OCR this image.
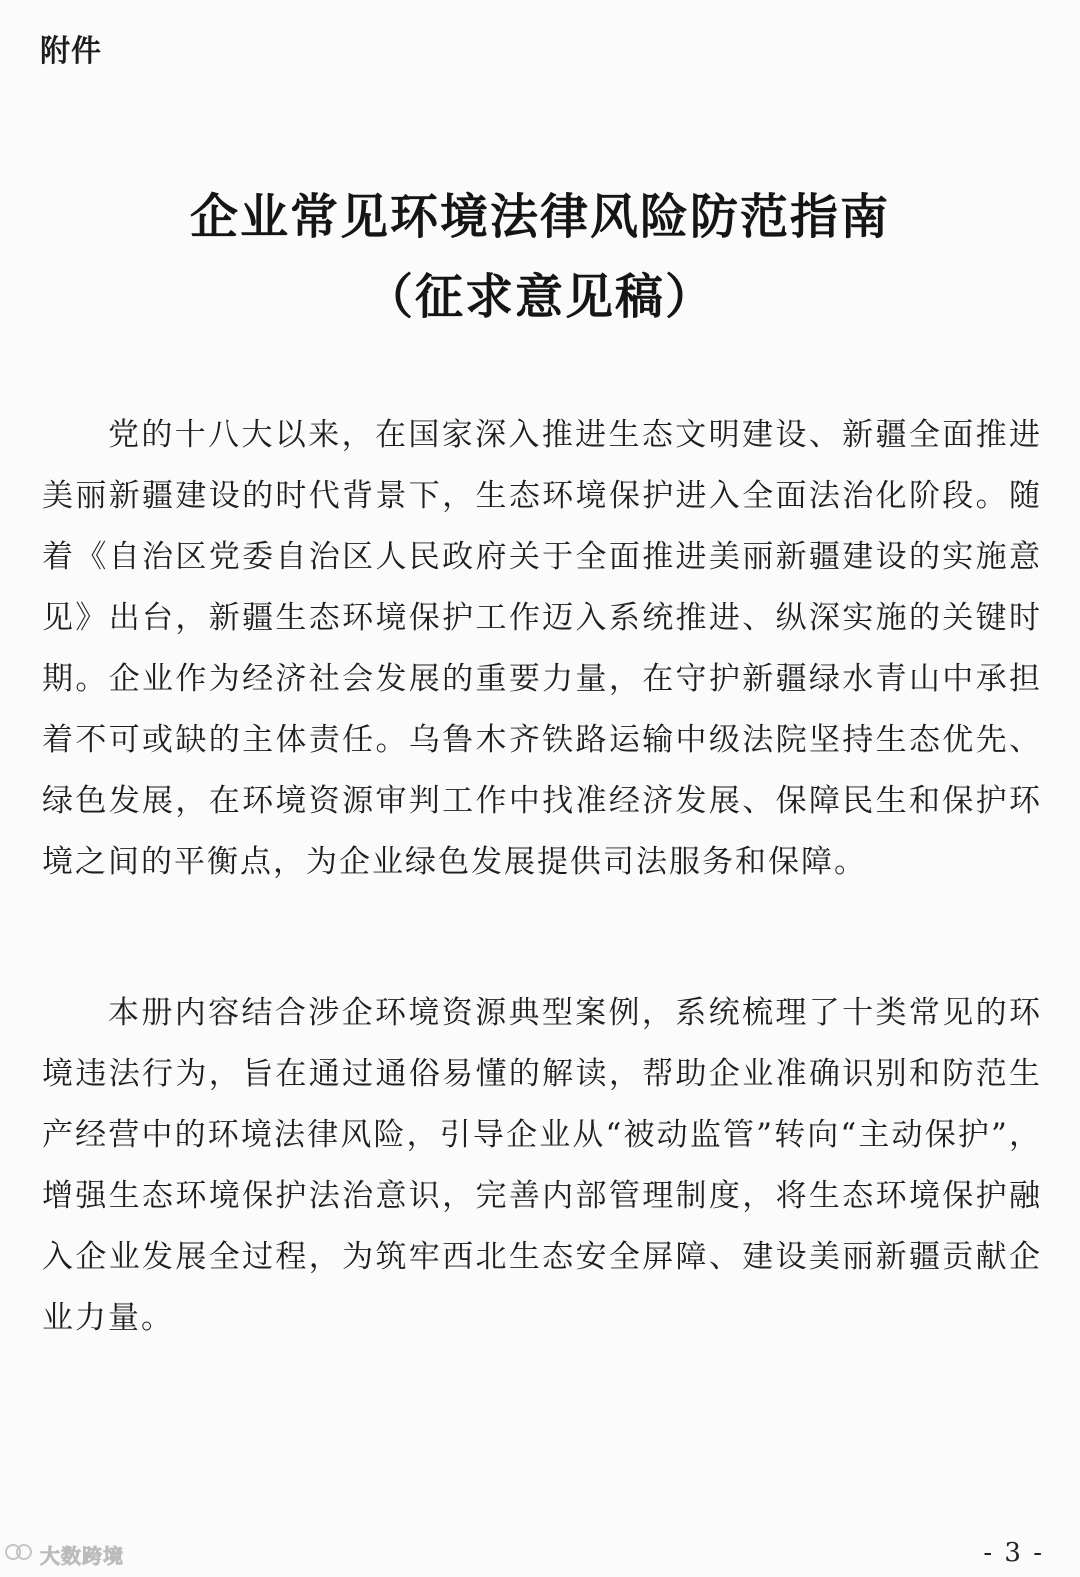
附件
企业常见环境法律风险防范指南
（征求意见稿）

党的十八大以来，在国家深入推进生态文明建设、新疆全面推进美丽新疆建设的时代背景下，生态环境保护进入全面法治化阶段。随着《自治区党委自治区人民政府关于全面推进美丽新疆建设的实施意见》出台，新疆生态环境保护工作迈入系统推进、纵深实施的关键时期。企业作为经济社会发展的重要力量，在守护新疆绿水青山中承担着不可或缺的主体责任。乌鲁木齐铁路运输中级法院坚持生态优先、绿色发展，在环境资源审判工作中找准经济发展、保障民生和保护环境之间的平衡点，为企业绿色发展提供司法服务和保障。

本册内容结合涉企环境资源典型案例，系统梳理了十类常见的环境违法行为，旨在通过通俗易懂的解读，帮助企业准确识别和防范生产经营中的环境法律风险，引导企业从“被动监管”转向“主动保护”，增强生态环境保护法治意识，完善内部管理制度，将生态环境保护融入企业发展全过程，为筑牢西北生态安全屏障、建设美丽新疆贡献企业力量。

大数跨境	- 3 -
